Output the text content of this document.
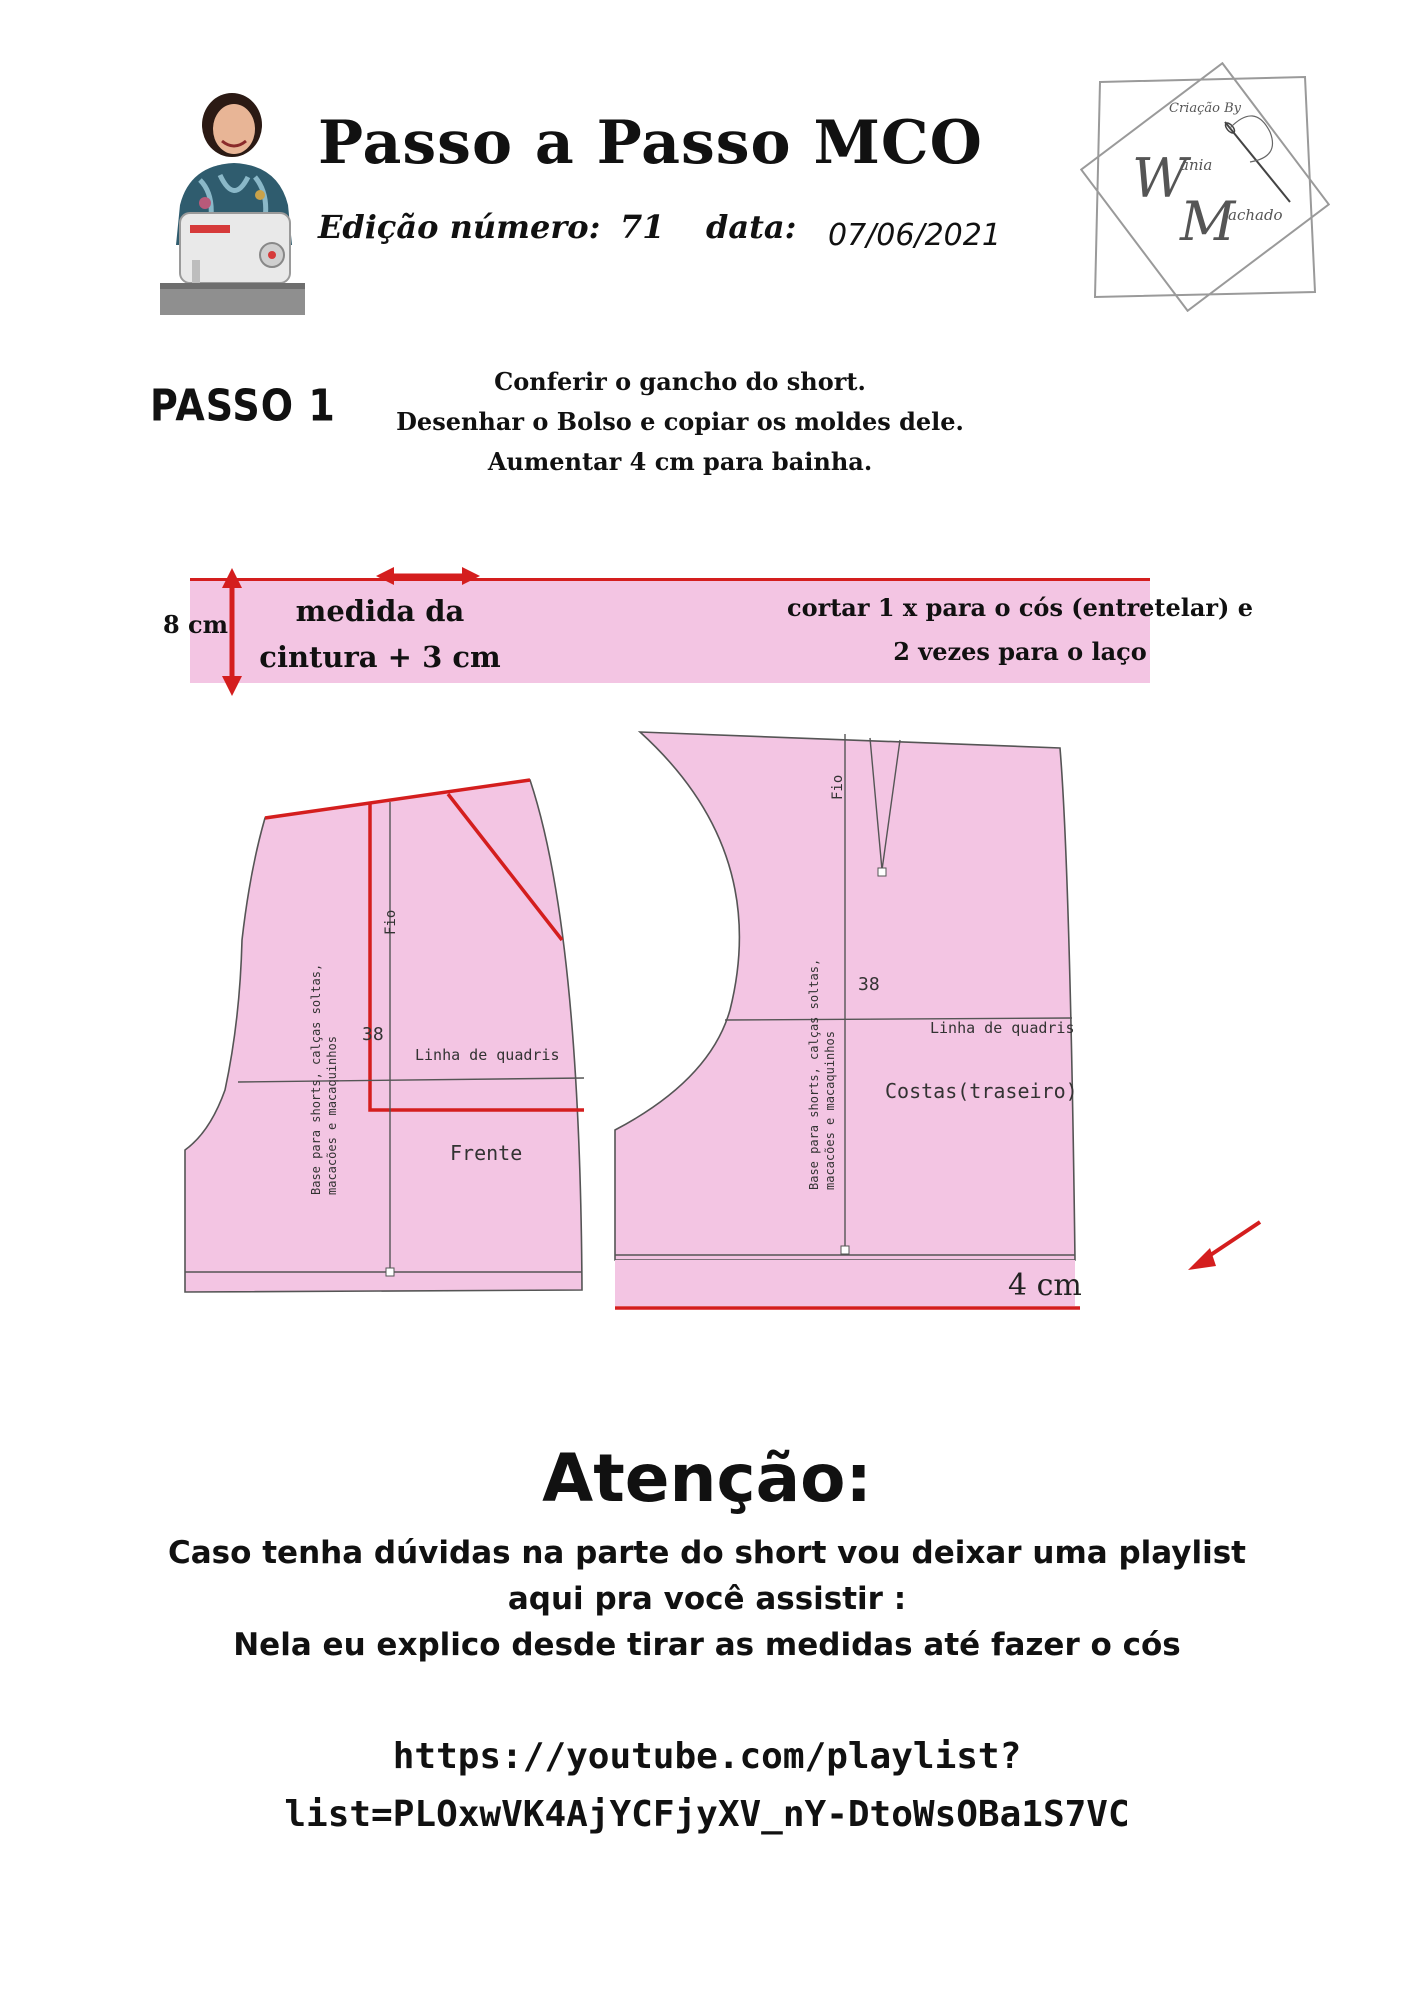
Passo a Passo MCO
Edição número: 71 data: 07/06/2021
Criação By
W
ania
M
achado
PASSO 1	Conferir o gancho do short.
Desenhar o Bolso e copiar os moldes dele.
Aumentar 4 cm para bainha.
8 cm	medida da
cintura + 3 cm
cortar 1 x para o cós (entretelar) e
2 vezes para o laço
Fio
38
Linha de quadris
Frente
Base para shorts, calças soltas, macacões e macaquinhos
Fio
38
Linha de quadris
Costas(traseiro)
Base para shorts, calças soltas, macacões e macaquinhos
4 cm
Atenção:
Caso tenha dúvidas na parte do short vou deixar uma playlist
aqui pra você assistir :
Nela eu explico desde tirar as medidas até fazer o cós
https://youtube.com/playlist?
list=PLOxwVK4AjYCFjyXV_nY-DtoWsOBa1S7VC
